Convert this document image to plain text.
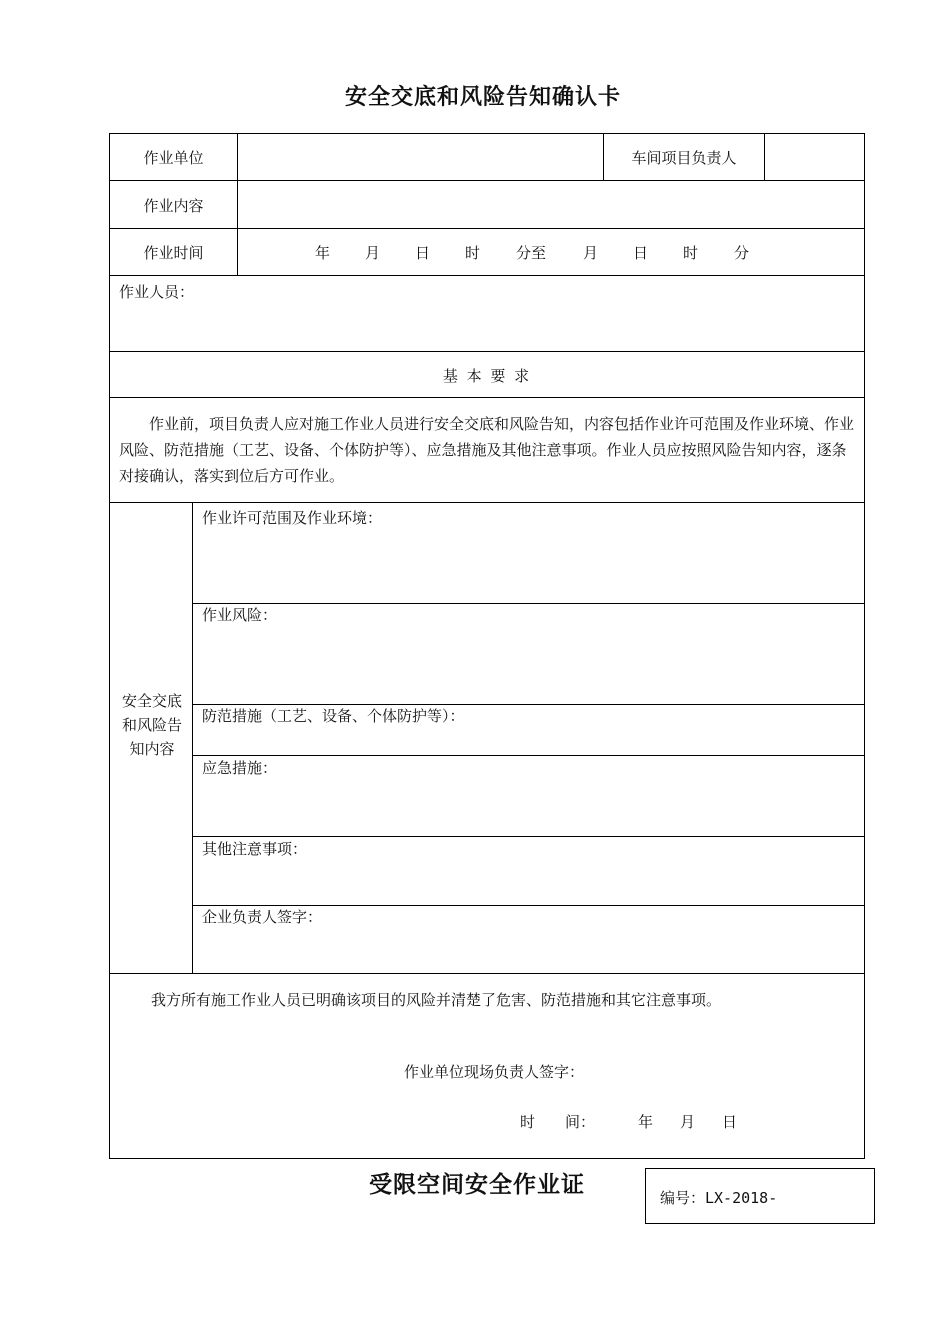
安全交底和风险告知确认卡
作业单位	车间项目负责人
作业内容
作业时间	年 月 日 时 分至 月 日 时 分
作业人员：
基 本 要 求
作业前，项目负责人应对施工作业人员进行安全交底和风险告知，内容包括作业许可范围及作业环境、作业风险、防范措施（工艺、设备、个体防护等）、应急措施及其他注意事项。作业人员应按照风险告知内容，逐条对接确认，落实到位后方可作业。
安全交底和风险告知内容
作业许可范围及作业环境：
作业风险：
防范措施（工艺、设备、个体防护等）：
应急措施：
其他注意事项：
企业负责人签字：
我方所有施工作业人员已明确该项目的风险并清楚了危害、防范措施和其它注意事项。
作业单位现场负责人签字：
时　　间：	年 月 日
受限空间安全作业证	编号：LX-2018-
